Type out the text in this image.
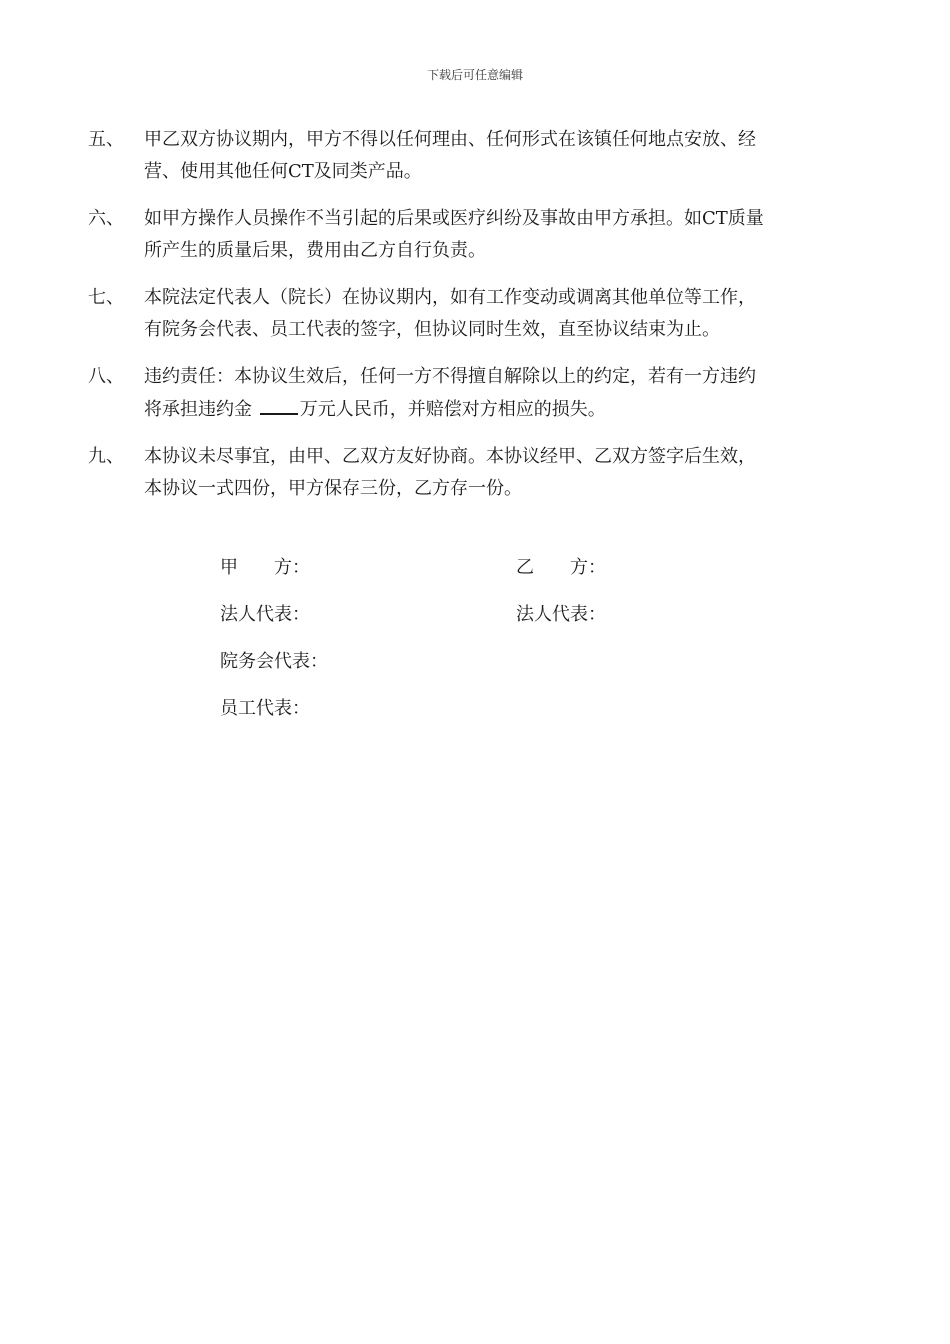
下载后可任意编辑
五、	甲乙双方协议期内，甲方不得以任何理由、任何形式在该镇任何地点安放、经
营、使用其他任何CT及同类产品。
六、	如甲方操作人员操作不当引起的后果或医疗纠纷及事故由甲方承担。如CT质量
所产生的质量后果，费用由乙方自行负责。
七、	本院法定代表人（院长）在协议期内，如有工作变动或调离其他单位等工作，
有院务会代表、员工代表的签字，但协议同时生效，直至协议结束为止。
八、	违约责任：本协议生效后，任何一方不得擅自解除以上的约定，若有一方违约
将承担违约金	万元人民币，并赔偿对方相应的损失。
九、	本协议未尽事宜，由甲、乙双方友好协商。本协议经甲、乙双方签字后生效，
本协议一式四份，甲方保存三份，乙方存一份。
甲　　方：	乙　　方：
法人代表：	法人代表：
院务会代表：
员工代表：
